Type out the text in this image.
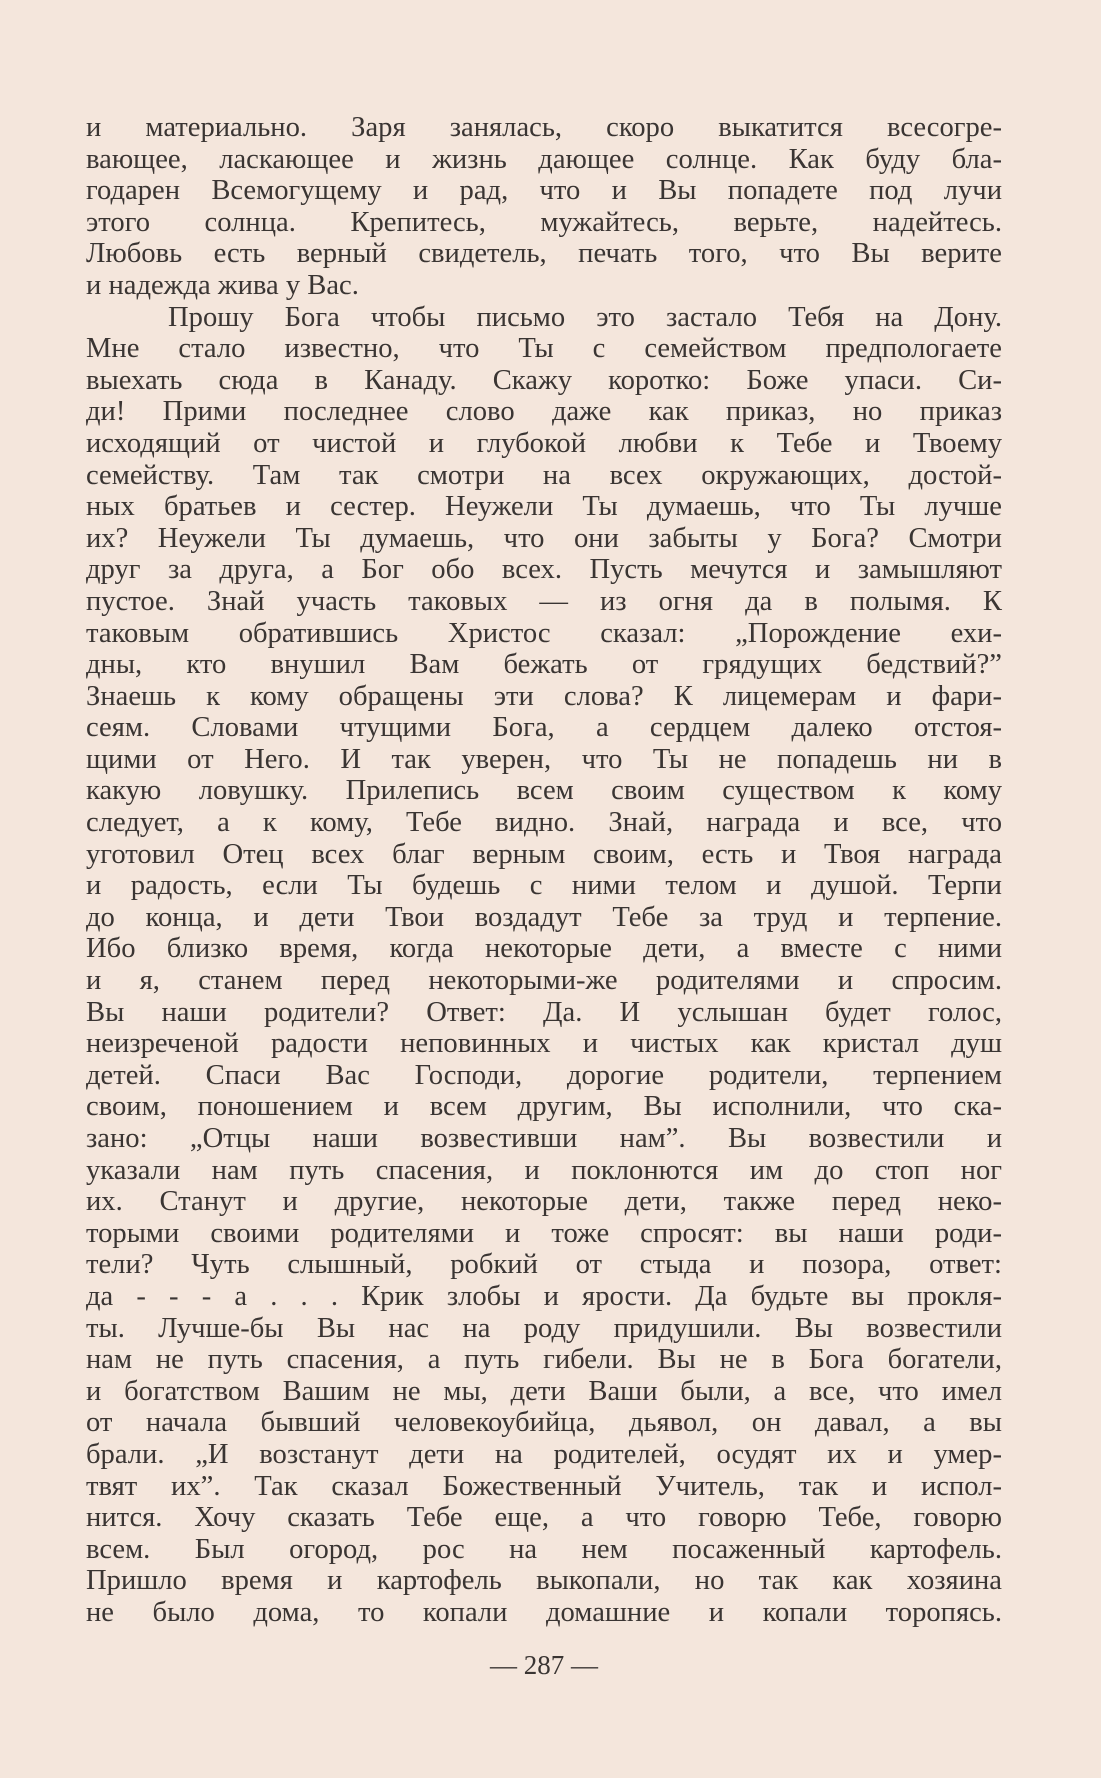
и материально. Заря занялась, скоро выкатится всесогре-
вающее, ласкающее и жизнь дающее солнце. Как буду бла-
годарен Всемогущему и рад, что и Вы попадете под лучи
этого солнца. Крепитесь, мужайтесь, верьте, надейтесь.
Любовь есть верный свидетель, печать того, что Вы верите
и надежда жива у Вас.
Прошу Бога чтобы письмо это застало Тебя на Дону.
Мне стало известно, что Ты с семейством предпологаете
выехать сюда в Канаду. Скажу коротко: Боже упаси. Си-
ди! Прими последнее слово даже как приказ, но приказ
исходящий от чистой и глубокой любви к Тебе и Твоему
семейству. Там так смотри на всех окружающих, достой-
ных братьев и сестер. Неужели Ты думаешь, что Ты лучше
их? Неужели Ты думаешь, что они забыты у Бога? Смотри
друг за друга, а Бог обо всех. Пусть мечутся и замышляют
пустое. Знай участь таковых — из огня да в полымя. К
таковым обратившись Христос сказал: „Порождение ехи-
дны, кто внушил Вам бежать от грядущих бедствий?”
Знаешь к кому обращены эти слова? К лицемерам и фари-
сеям. Словами чтущими Бога, а сердцем далеко отстоя-
щими от Него. И так уверен, что Ты не попадешь ни в
какую ловушку. Прилепись всем своим существом к кому
следует, а к кому, Тебе видно. Знай, награда и все, что
уготовил Отец всех благ верным своим, есть и Твоя награда
и радость, если Ты будешь с ними телом и душой. Терпи
до конца, и дети Твои воздадут Тебе за труд и терпение.
Ибо близко время, когда некоторые дети, а вместе с ними
и я, станем перед некоторыми-же родителями и спросим.
Вы наши родители? Ответ: Да. И услышан будет голос,
неизреченой радости неповинных и чистых как кристал душ
детей. Спаси Вас Господи, дорогие родители, терпением
своим, поношением и всем другим, Вы исполнили, что ска-
зано: „Отцы наши возвестивши нам”. Вы возвестили и
указали нам путь спасения, и поклонются им до стоп ног
их. Станут и другие, некоторые дети, также перед неко-
торыми своими родителями и тоже спросят: вы наши роди-
тели? Чуть слышный, робкий от стыда и позора, ответ:
да - - - а . . . Крик злобы и ярости. Да будьте вы прокля-
ты. Лучше-бы Вы нас на роду придушили. Вы возвестили
нам не путь спасения, а путь гибели. Вы не в Бога богатели,
и богатством Вашим не мы, дети Ваши были, а все, что имел
от начала бывший человекоубийца, дьявол, он давал, а вы
брали. „И возстанут дети на родителей, осудят их и умер-
твят их”. Так сказал Божественный Учитель, так и испол-
нится. Хочу сказать Тебе еще, а что говорю Тебе, говорю
всем. Был огород, рос на нем посаженный картофель.
Пришло время и картофель выкопали, но так как хозяина
не было дома, то копали домашние и копали торопясь.
— 287 —
